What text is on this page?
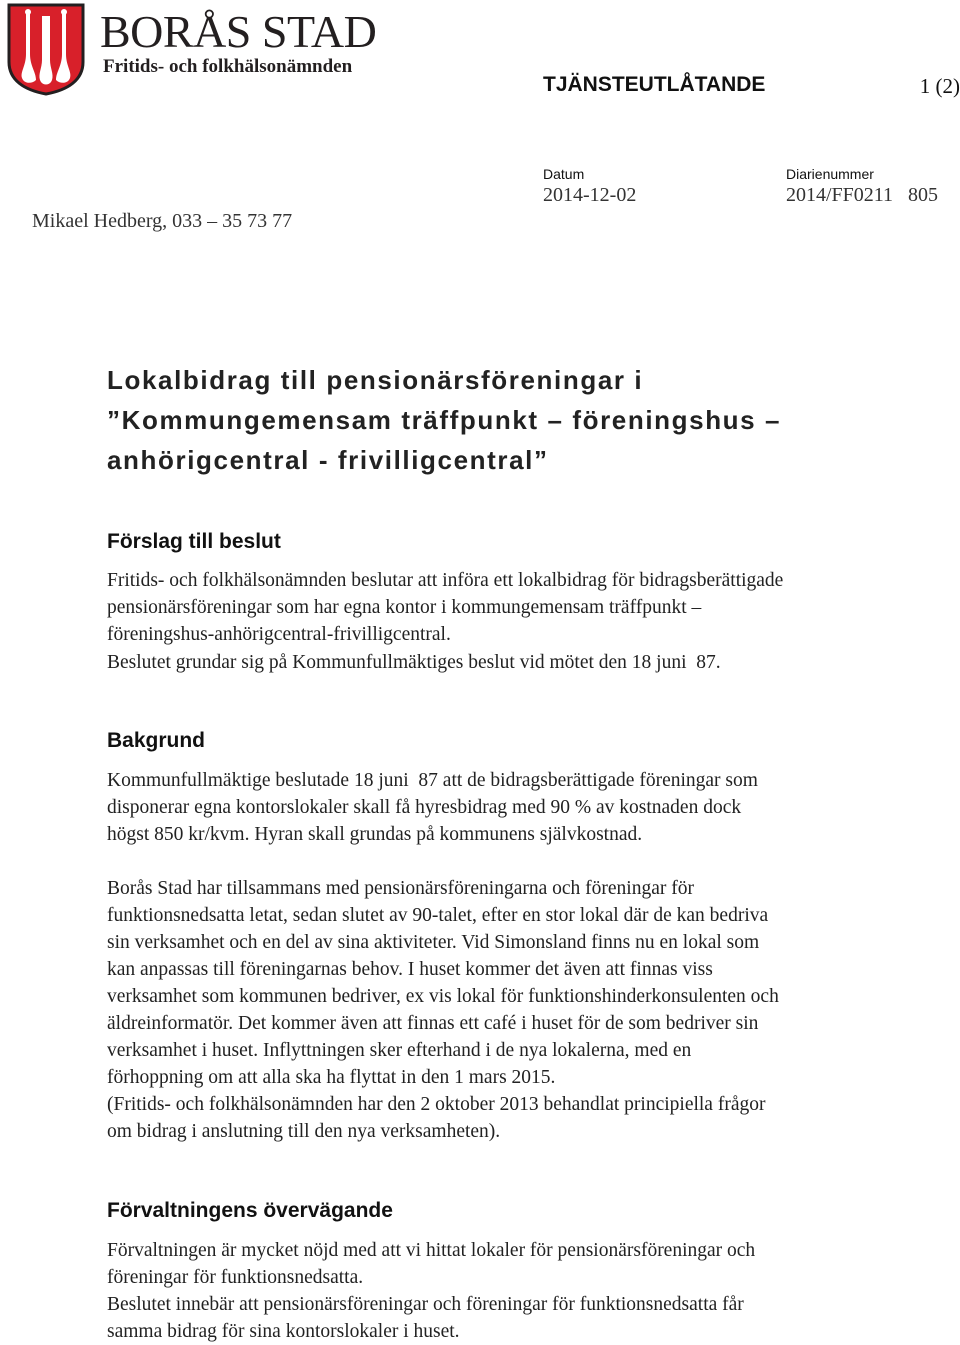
BORÅS STAD
Fritids- och folkhälsonämnden
TJÄNSTEUTLÅTANDE	1 (2)
Datum
2014-12-02
Diarienummer
2014/FF0211   805
Mikael Hedberg, 033 – 35 73 77
Lokalbidrag till pensionärsföreningar i
”Kommungemensam träffpunkt – föreningshus –
anhörigcentral - frivilligcentral”
Förslag till beslut
Fritids- och folkhälsonämnden beslutar att införa ett lokalbidrag för bidragsberättigade
pensionärsföreningar som har egna kontor i kommungemensam träffpunkt –
föreningshus-anhörigcentral-frivilligcentral.
Beslutet grundar sig på Kommunfullmäktiges beslut vid mötet den 18 juni  87.
Bakgrund
Kommunfullmäktige beslutade 18 juni  87 att de bidragsberättigade föreningar som
disponerar egna kontorslokaler skall få hyresbidrag med 90 % av kostnaden dock
högst 850 kr/kvm. Hyran skall grundas på kommunens självkostnad.
Borås Stad har tillsammans med pensionärsföreningarna och föreningar för
funktionsnedsatta letat, sedan slutet av 90-talet, efter en stor lokal där de kan bedriva
sin verksamhet och en del av sina aktiviteter. Vid Simonsland finns nu en lokal som
kan anpassas till föreningarnas behov. I huset kommer det även att finnas viss
verksamhet som kommunen bedriver, ex vis lokal för funktionshinderkonsulenten och
äldreinformatör. Det kommer även att finnas ett café i huset för de som bedriver sin
verksamhet i huset. Inflyttningen sker efterhand i de nya lokalerna, med en
förhoppning om att alla ska ha flyttat in den 1 mars 2015.
(Fritids- och folkhälsonämnden har den 2 oktober 2013 behandlat principiella frågor
om bidrag i anslutning till den nya verksamheten).
Förvaltningens övervägande
Förvaltningen är mycket nöjd med att vi hittat lokaler för pensionärsföreningar och
föreningar för funktionsnedsatta.
Beslutet innebär att pensionärsföreningar och föreningar för funktionsnedsatta får
samma bidrag för sina kontorslokaler i huset.
